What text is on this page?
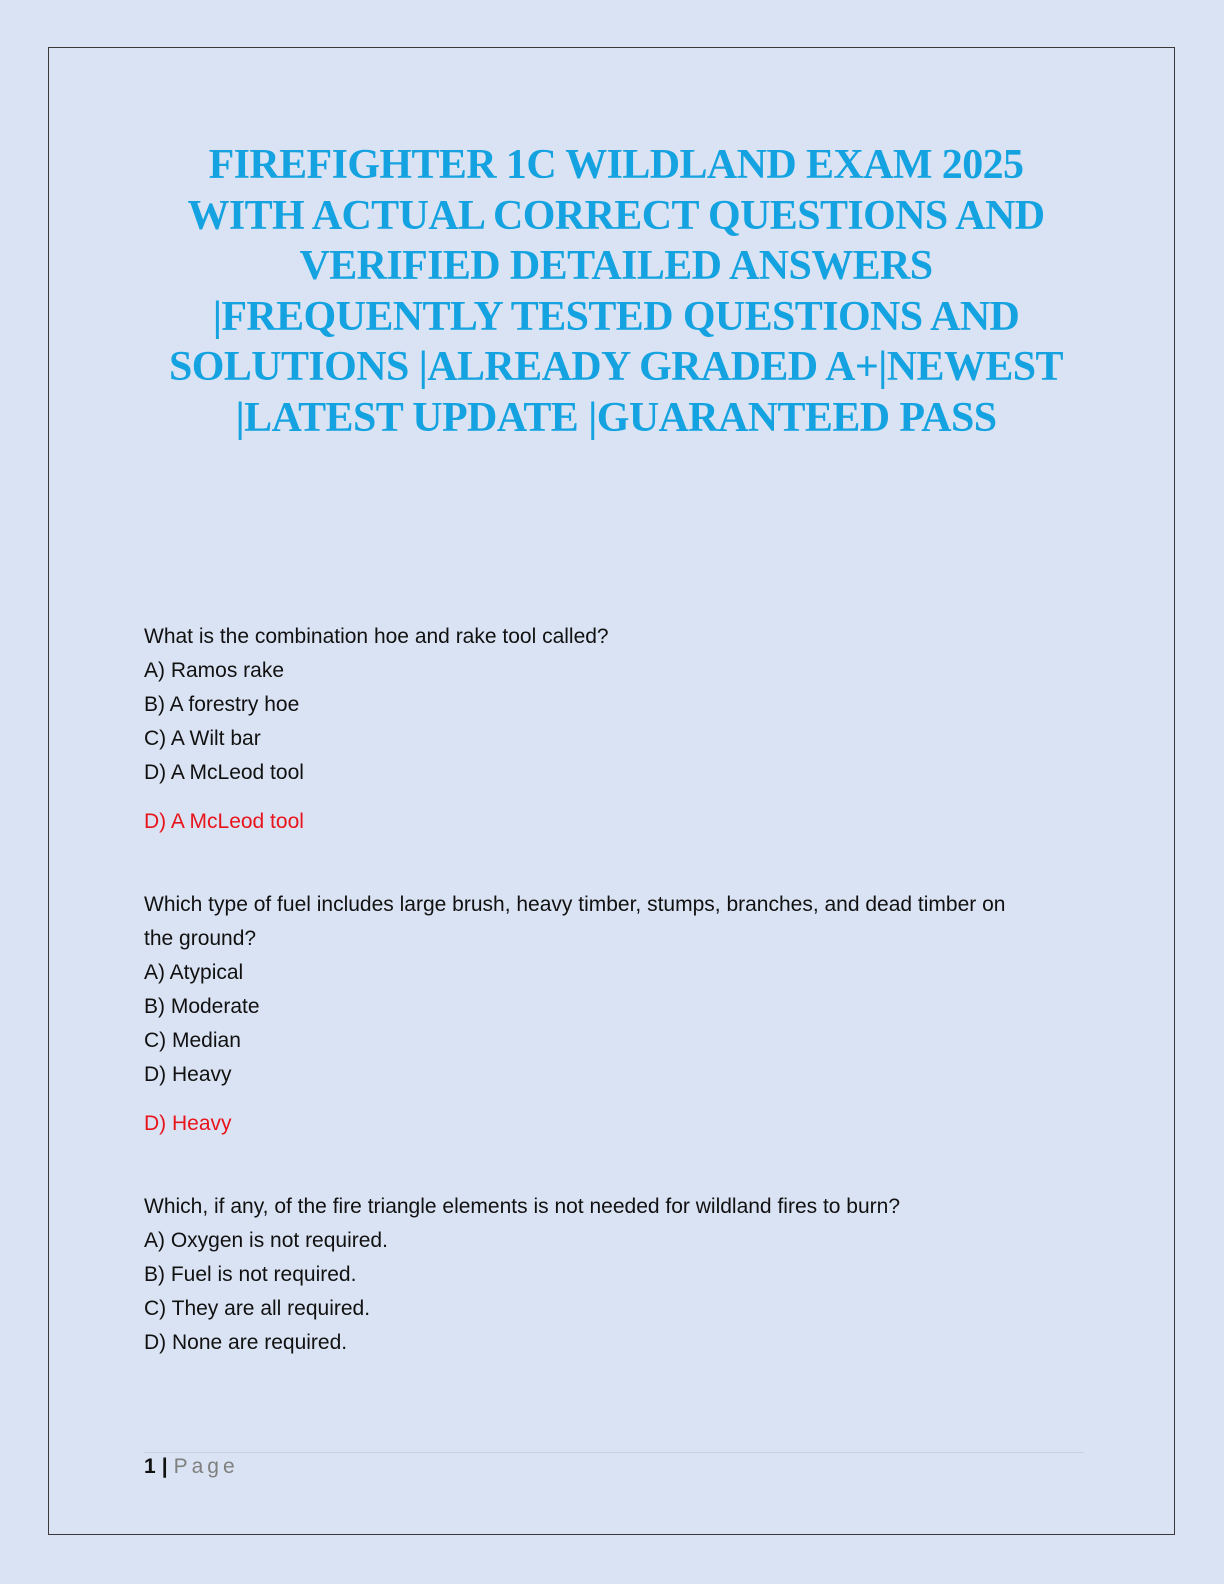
FIREFIGHTER 1C WILDLAND EXAM 2025
WITH ACTUAL CORRECT QUESTIONS AND
VERIFIED DETAILED ANSWERS
|FREQUENTLY TESTED QUESTIONS AND
SOLUTIONS |ALREADY GRADED A+|NEWEST
|LATEST UPDATE |GUARANTEED PASS
What is the combination hoe and rake tool called?
A) Ramos rake
B) A forestry hoe
C) A Wilt bar
D) A McLeod tool
D) A McLeod tool
Which type of fuel includes large brush, heavy timber, stumps, branches, and dead timber on
the ground?
A) Atypical
B) Moderate
C) Median
D) Heavy
D) Heavy
Which, if any, of the fire triangle elements is not needed for wildland fires to burn?
A) Oxygen is not required.
B) Fuel is not required.
C) They are all required.
D) None are required.
1 | Page
